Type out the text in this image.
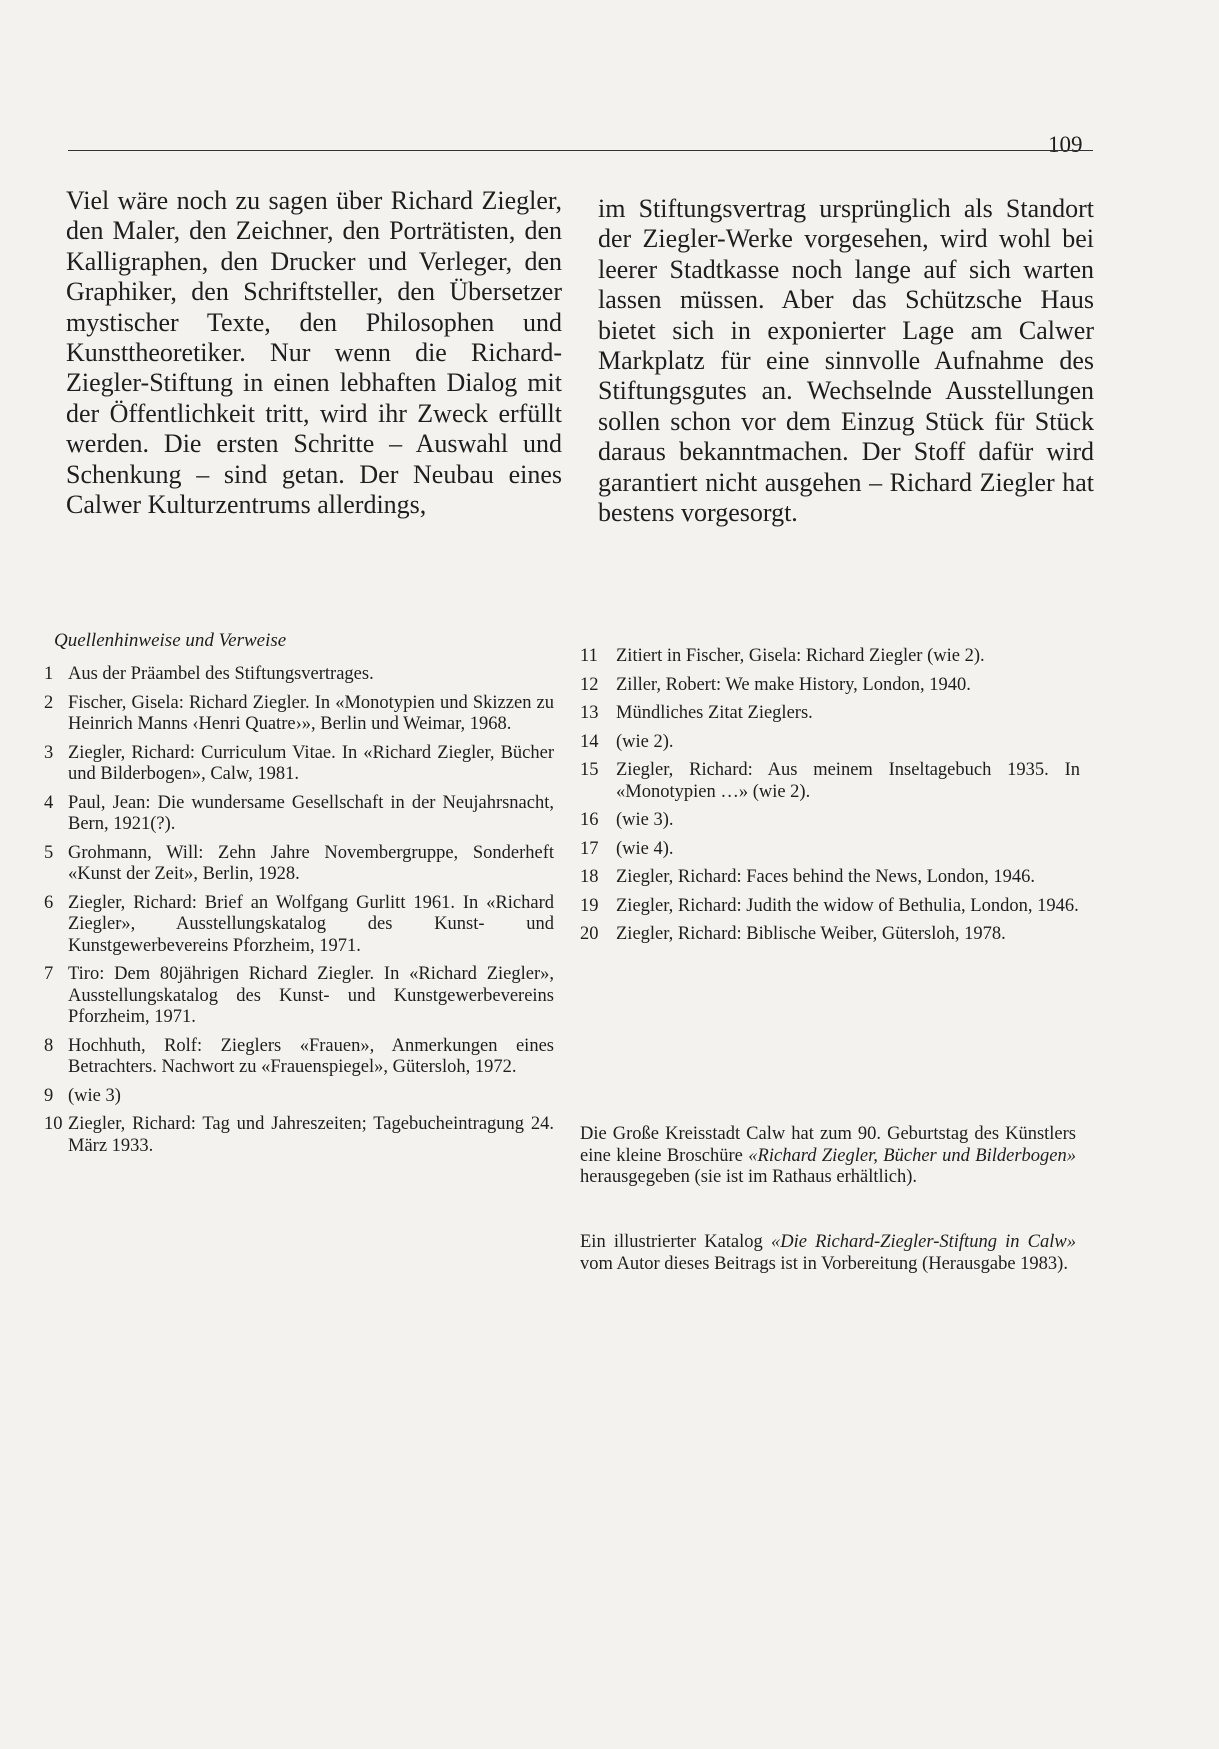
109

Viel wäre noch zu sagen über Richard Ziegler, den Maler, den Zeichner, den Porträtisten, den Kalligraphen, den Drucker und Verleger, den Graphiker, den Schriftsteller, den Übersetzer mystischer Texte, den Philosophen und Kunsttheoretiker. Nur wenn die Richard-Ziegler-Stiftung in einen lebhaften Dialog mit der Öffentlichkeit tritt, wird ihr Zweck erfüllt werden. Die ersten Schritte – Auswahl und Schenkung – sind getan. Der Neubau eines Calwer Kulturzentrums allerdings,

im Stiftungsvertrag ursprünglich als Standort der Ziegler-Werke vorgesehen, wird wohl bei leerer Stadtkasse noch lange auf sich warten lassen müssen. Aber das Schützsche Haus bietet sich in exponierter Lage am Calwer Markplatz für eine sinnvolle Aufnahme des Stiftungsgutes an. Wechselnde Ausstellungen sollen schon vor dem Einzug Stück für Stück daraus bekanntmachen. Der Stoff dafür wird garantiert nicht ausgehen – Richard Ziegler hat bestens vorgesorgt.

Quellenhinweise und Verweise
1 Aus der Präambel des Stiftungsvertrages.
2 Fischer, Gisela: Richard Ziegler. In «Monotypien und Skizzen zu Heinrich Manns ‹Henri Quatre›», Berlin und Weimar, 1968.
3 Ziegler, Richard: Curriculum Vitae. In «Richard Ziegler, Bücher und Bilderbogen», Calw, 1981.
4 Paul, Jean: Die wundersame Gesellschaft in der Neujahrsnacht, Bern, 1921(?).
5 Grohmann, Will: Zehn Jahre Novembergruppe, Sonderheft «Kunst der Zeit», Berlin, 1928.
6 Ziegler, Richard: Brief an Wolfgang Gurlitt 1961. In «Richard Ziegler», Ausstellungskatalog des Kunst- und Kunstgewerbevereins Pforzheim, 1971.
7 Tiro: Dem 80jährigen Richard Ziegler. In «Richard Ziegler», Ausstellungskatalog des Kunst- und Kunstgewerbevereins Pforzheim, 1971.
8 Hochhuth, Rolf: Zieglers «Frauen», Anmerkungen eines Betrachters. Nachwort zu «Frauenspiegel», Gütersloh, 1972.
9 (wie 3)
10 Ziegler, Richard: Tag und Jahreszeiten; Tagebucheintragung 24. März 1933.
11 Zitiert in Fischer, Gisela: Richard Ziegler (wie 2).
12 Ziller, Robert: We make History, London, 1940.
13 Mündliches Zitat Zieglers.
14 (wie 2).
15 Ziegler, Richard: Aus meinem Inseltagebuch 1935. In «Monotypien …» (wie 2).
16 (wie 3).
17 (wie 4).
18 Ziegler, Richard: Faces behind the News, London, 1946.
19 Ziegler, Richard: Judith the widow of Bethulia, London, 1946.
20 Ziegler, Richard: Biblische Weiber, Gütersloh, 1978.

Die Große Kreisstadt Calw hat zum 90. Geburtstag des Künstlers eine kleine Broschüre «Richard Ziegler, Bücher und Bilderbogen» herausgegeben (sie ist im Rathaus erhältlich).

Ein illustrierter Katalog «Die Richard-Ziegler-Stiftung in Calw» vom Autor dieses Beitrags ist in Vorbereitung (Herausgabe 1983).
